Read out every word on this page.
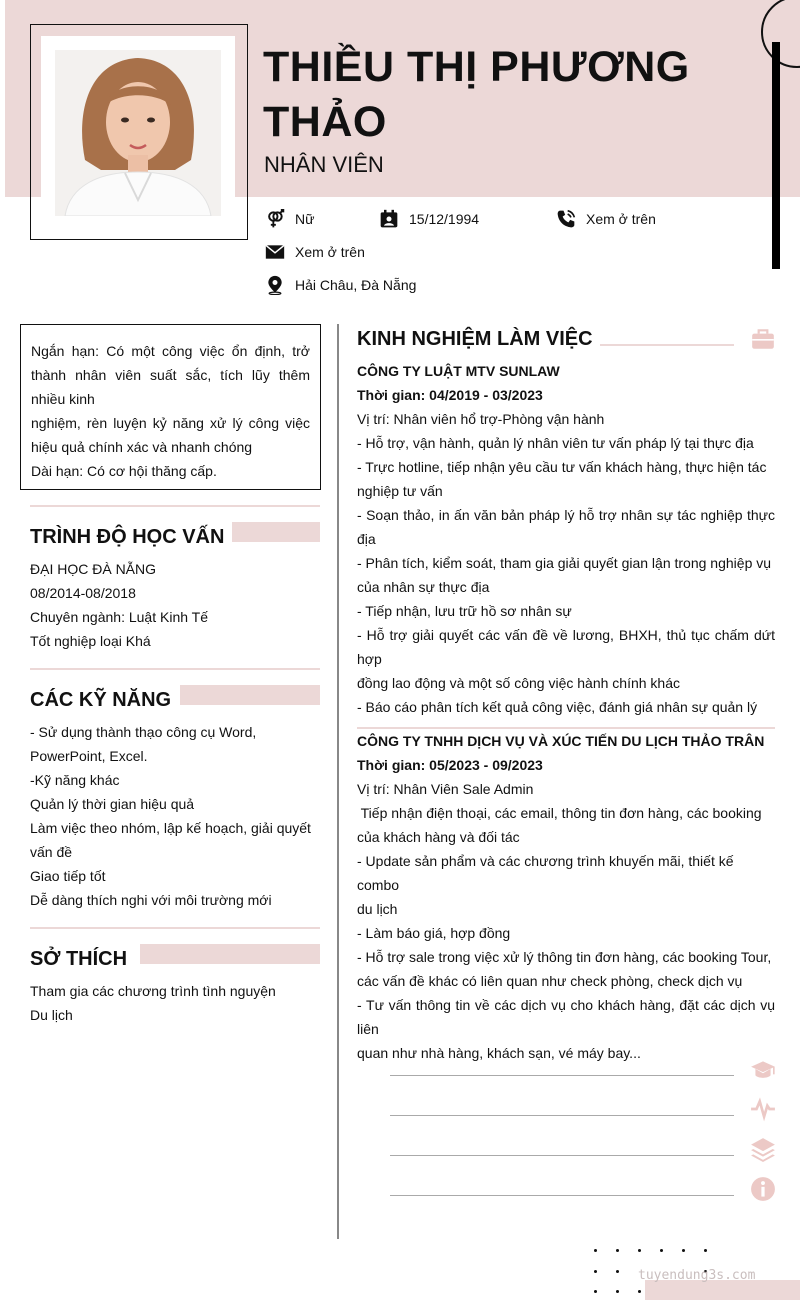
THIỀU THỊ PHƯƠNG THẢO
NHÂN VIÊN
Nữ	15/12/1994	Xem ở trên
Xem ở trên
Hải Châu, Đà Nẵng
Ngắn hạn: Có một công việc ổn định, trở thành nhân viên suất sắc, tích lũy thêm nhiều kinh
nghiệm, rèn luyện kỷ năng xử lý công việc hiệu quả chính xác và nhanh chóng
Dài hạn: Có cơ hội thăng cấp.
TRÌNH ĐỘ HỌC VẤN
ĐẠI HỌC ĐÀ NẴNG
08/2014-08/2018
Chuyên ngành: Luật Kinh Tế
Tốt nghiệp loại Khá
CÁC KỸ NĂNG
- Sử dụng thành thạo công cụ Word,
PowerPoint, Excel.
-Kỹ năng khác
Quản lý thời gian hiệu quả
Làm việc theo nhóm, lập kế hoạch, giải quyết
vấn đề
Giao tiếp tốt
Dễ dàng thích nghi với môi trường mới
SỞ THÍCH
Tham gia các chương trình tình nguyện
Du lịch
KINH NGHIỆM LÀM VIỆC
CÔNG TY LUẬT MTV SUNLAW
Thời gian: 04/2019 - 03/2023
Vị trí: Nhân viên hổ trợ-Phòng vận hành
- Hỗ trợ, vận hành, quản lý nhân viên tư vấn pháp lý tại thực địa
- Trực hotline, tiếp nhận yêu cầu tư vấn khách hàng, thực hiện tác
nghiệp tư vấn
- Soạn thảo, in ấn văn bản pháp lý hỗ trợ nhân sự tác nghiệp thực
địa
- Phân tích, kiểm soát, tham gia giải quyết gian lận trong nghiệp vụ
của nhân sự thực địa
- Tiếp nhận, lưu trữ hồ sơ nhân sự
- Hỗ trợ giải quyết các vấn đề về lương, BHXH, thủ tục chấm dứt
hợp
đồng lao động và một số công việc hành chính khác
- Báo cáo phân tích kết quả công việc, đánh giá nhân sự quản lý
CÔNG TY TNHH DỊCH VỤ VÀ XÚC TIẾN DU LỊCH THẢO TRÂN
Thời gian: 05/2023 - 09/2023
Vị trí: Nhân Viên Sale Admin
Tiếp nhận điện thoại, các email, thông tin đơn hàng, các booking
của khách hàng và đối tác
- Update sản phẩm và các chương trình khuyến mãi, thiết kế combo
du lịch
- Làm báo giá, hợp đồng
- Hỗ trợ sale trong việc xử lý thông tin đơn hàng, các booking Tour,
các vấn đề khác có liên quan như check phòng, check dịch vụ
- Tư vấn thông tin về các dịch vụ cho khách hàng, đặt các dịch vụ
liên
quan như nhà hàng, khách sạn, vé máy bay...
tuyendung3s.com
